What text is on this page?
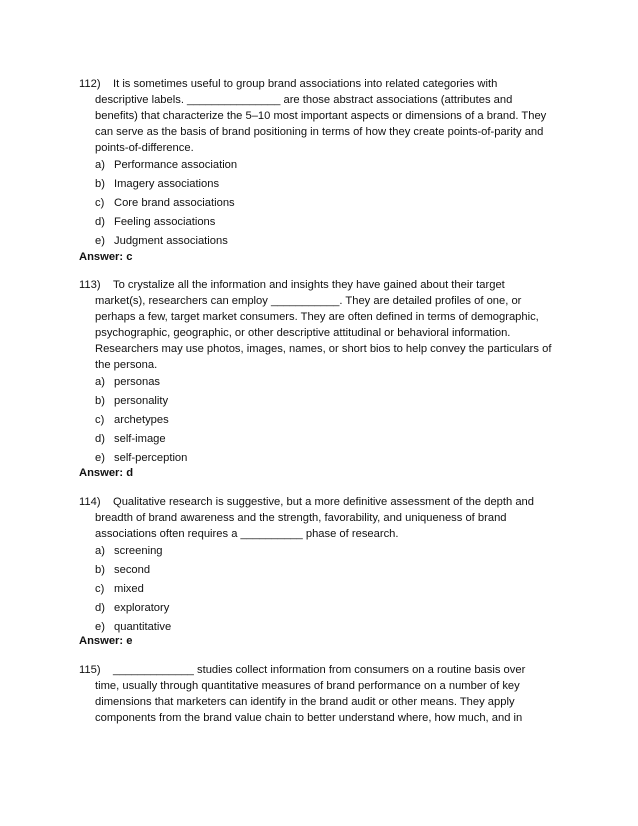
112) It is sometimes useful to group brand associations into related categories with

descriptive labels. _______________ are those abstract associations (attributes and
benefits) that characterize the 5–10 most important aspects or dimensions of a brand. They
can serve as the basis of brand positioning in terms of how they create points-of-parity and
points-of-difference.
a) Performance association
b) Imagery associations
c) Core brand associations
d) Feeling associations
e) Judgment associations
Answer: c

113) To crystalize all the information and insights they have gained about their target

market(s), researchers can employ ___________. They are detailed profiles of one, or
perhaps a few, target market consumers. They are often defined in terms of demographic,
psychographic, geographic, or other descriptive attitudinal or behavioral information.
Researchers may use photos, images, names, or short bios to help convey the particulars of
the persona.
a) personas
b) personality
c) archetypes
d) self-image
e) self-perception
Answer: d

114) Qualitative research is suggestive, but a more definitive assessment of the depth and

breadth of brand awareness and the strength, favorability, and uniqueness of brand
associations often requires a __________ phase of research.
a) screening
b) second
c) mixed
d) exploratory
e) quantitative
Answer: e

115) _____________ studies collect information from consumers on a routine basis over

time, usually through quantitative measures of brand performance on a number of key
dimensions that marketers can identify in the brand audit or other means. They apply
components from the brand value chain to better understand where, how much, and in
